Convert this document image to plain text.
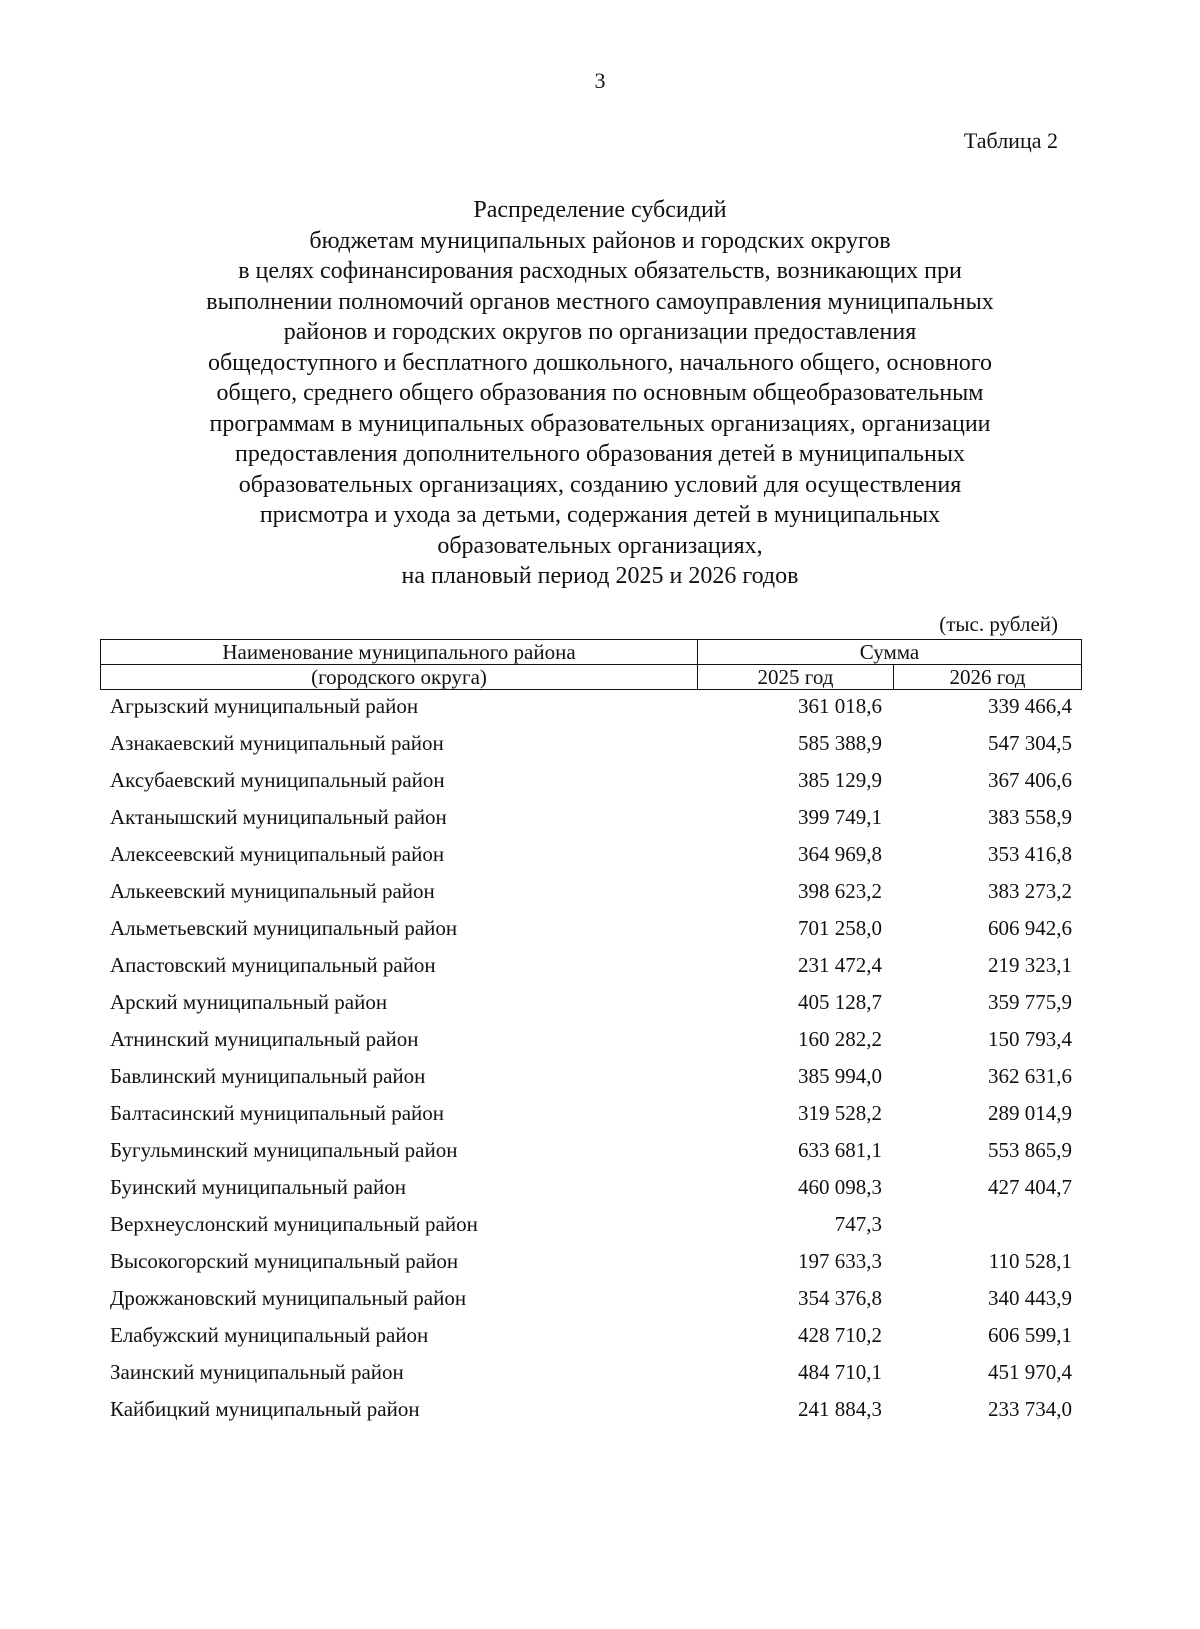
3
Таблица 2
Распределение субсидий
бюджетам муниципальных районов и городских округов
в целях софинансирования расходных обязательств, возникающих при
выполнении полномочий органов местного самоуправления муниципальных
районов и городских округов по организации предоставления
общедоступного и бесплатного дошкольного, начального общего, основного
общего, среднего общего образования по основным общеобразовательным
программам в муниципальных образовательных организациях, организации
предоставления дополнительного образования детей в муниципальных
образовательных организациях, созданию условий для осуществления
присмотра и ухода за детьми, содержания детей в муниципальных
образовательных организациях,
на плановый период 2025 и 2026 годов
(тыс. рублей)
Наименование муниципального района	Сумма	
(городского округа)	2025 год	2026 год
Агрызский муниципальный район	361 018,6	339 466,4
Азнакаевский муниципальный район	585 388,9	547 304,5
Аксубаевский муниципальный район	385 129,9	367 406,6
Актанышский муниципальный район	399 749,1	383 558,9
Алексеевский муниципальный район	364 969,8	353 416,8
Алькеевский муниципальный район	398 623,2	383 273,2
Альметьевский муниципальный район	701 258,0	606 942,6
Апастовский муниципальный район	231 472,4	219 323,1
Арский муниципальный район	405 128,7	359 775,9
Атнинский муниципальный район	160 282,2	150 793,4
Бавлинский муниципальный район	385 994,0	362 631,6
Балтасинский муниципальный район	319 528,2	289 014,9
Бугульминский муниципальный район	633 681,1	553 865,9
Буинский муниципальный район	460 098,3	427 404,7
Верхнеуслонский муниципальный район	747,3
Высокогорский муниципальный район	197 633,3	110 528,1
Дрожжановский муниципальный район	354 376,8	340 443,9
Елабужский муниципальный район	428 710,2	606 599,1
Заинский муниципальный район	484 710,1	451 970,4
Кайбицкий муниципальный район	241 884,3	233 734,0
